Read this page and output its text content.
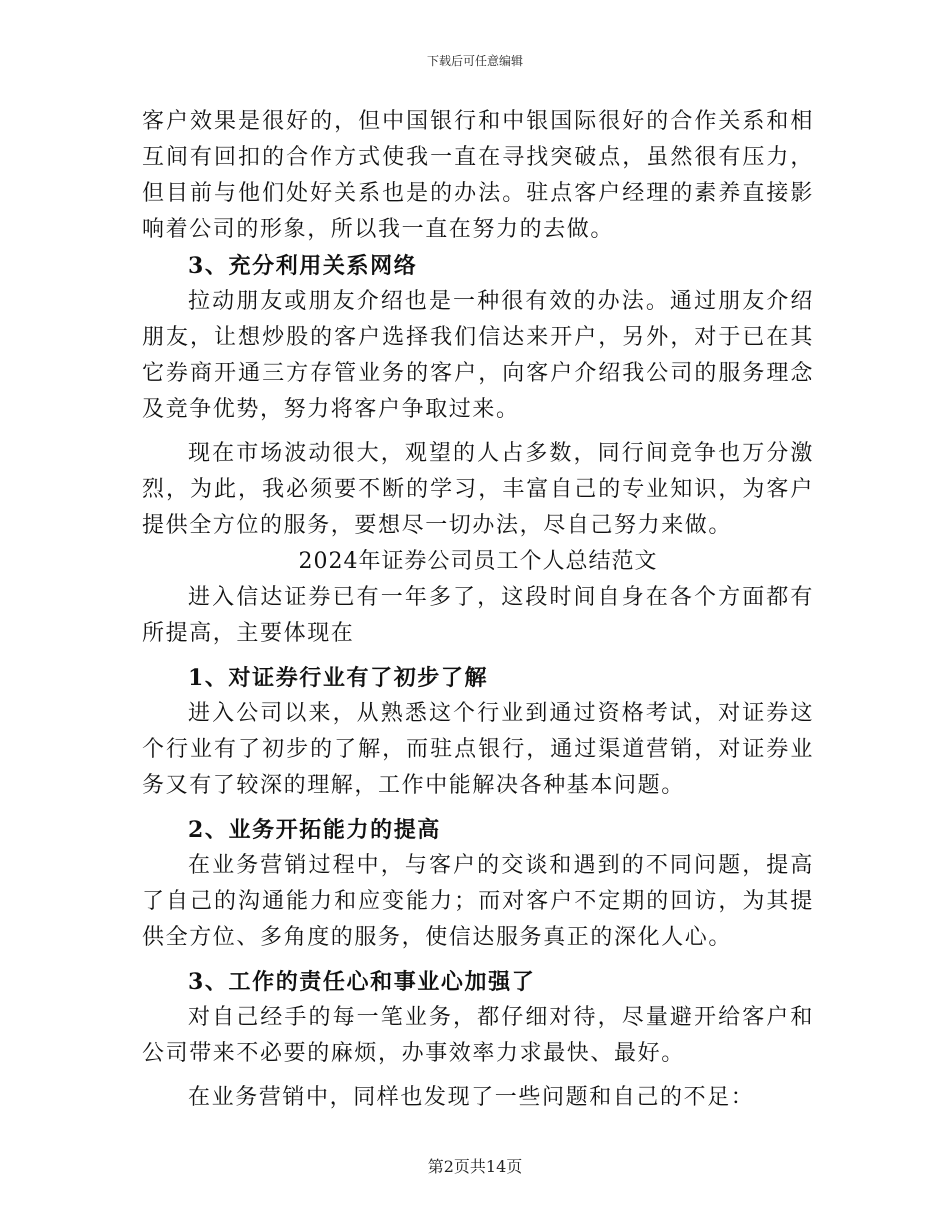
下载后可任意编辑

客户效果是很好的，但中国银行和中银国际很好的合作关系和相互间有回扣的合作方式使我一直在寻找突破点，虽然很有压力，但目前与他们处好关系也是的办法。驻点客户经理的素养直接影响着公司的形象，所以我一直在努力的去做。

3、充分利用关系网络

拉动朋友或朋友介绍也是一种很有效的办法。通过朋友介绍朋友，让想炒股的客户选择我们信达来开户，另外，对于已在其它券商开通三方存管业务的客户，向客户介绍我公司的服务理念及竞争优势，努力将客户争取过来。

现在市场波动很大，观望的人占多数，同行间竞争也万分激烈，为此，我必须要不断的学习，丰富自己的专业知识，为客户提供全方位的服务，要想尽一切办法，尽自己努力来做。

2024年证券公司员工个人总结范文

进入信达证券已有一年多了，这段时间自身在各个方面都有所提高，主要体现在

1、对证券行业有了初步了解

进入公司以来，从熟悉这个行业到通过资格考试，对证券这个行业有了初步的了解，而驻点银行，通过渠道营销，对证券业务又有了较深的理解，工作中能解决各种基本问题。

2、业务开拓能力的提高

在业务营销过程中，与客户的交谈和遇到的不同问题，提高了自己的沟通能力和应变能力；而对客户不定期的回访，为其提供全方位、多角度的服务，使信达服务真正的深化人心。

3、工作的责任心和事业心加强了

对自己经手的每一笔业务，都仔细对待，尽量避开给客户和公司带来不必要的麻烦，办事效率力求最快、最好。

在业务营销中，同样也发现了一些问题和自己的不足：

第2页共14页
